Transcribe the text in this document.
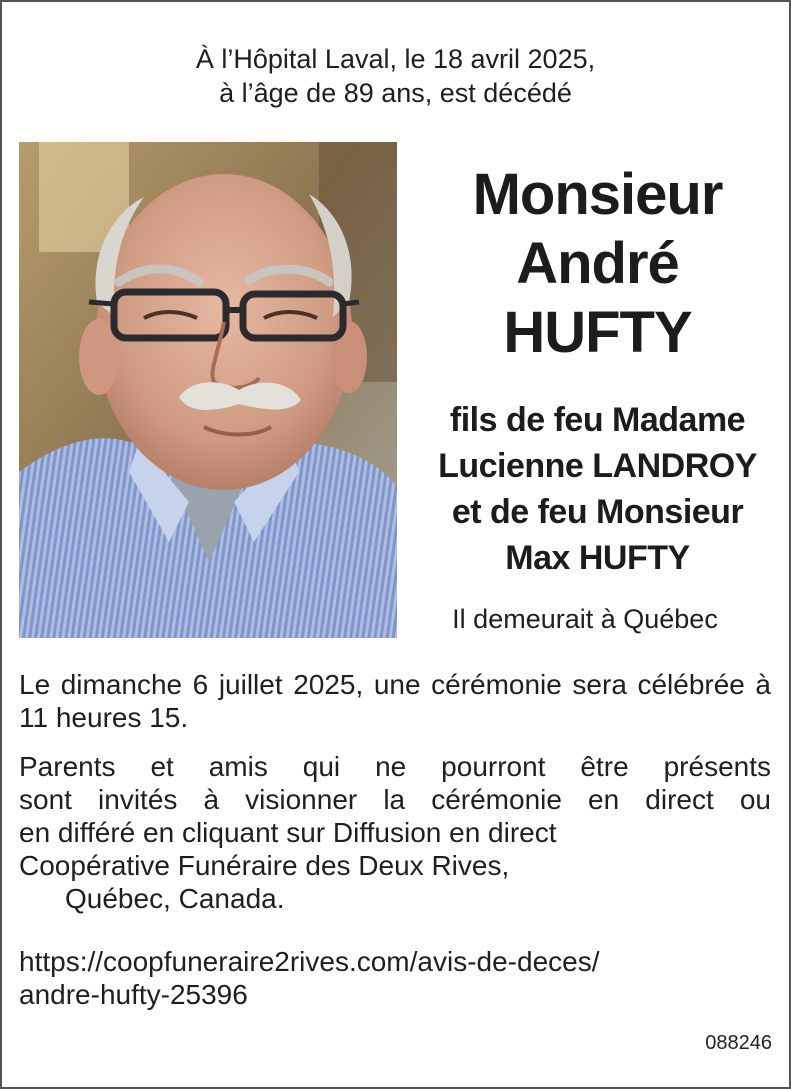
À l’Hôpital Laval, le 18 avril 2025,
à l’âge de 89 ans, est décédé
Monsieur
André
HUFTY
fils de feu Madame
Lucienne LANDROY
et de feu Monsieur
Max HUFTY
Il demeurait à Québec
Le dimanche 6 juillet 2025, une cérémonie sera célébrée à 11 heures 15.
Parents et amis qui ne pourront être présents
sont invités à visionner la cérémonie en direct ou
en différé en cliquant sur Diffusion en direct
Coopérative Funéraire des Deux Rives,
Québec, Canada.
https://coopfuneraire2rives.com/avis-de-deces/
andre-hufty-25396
088246
